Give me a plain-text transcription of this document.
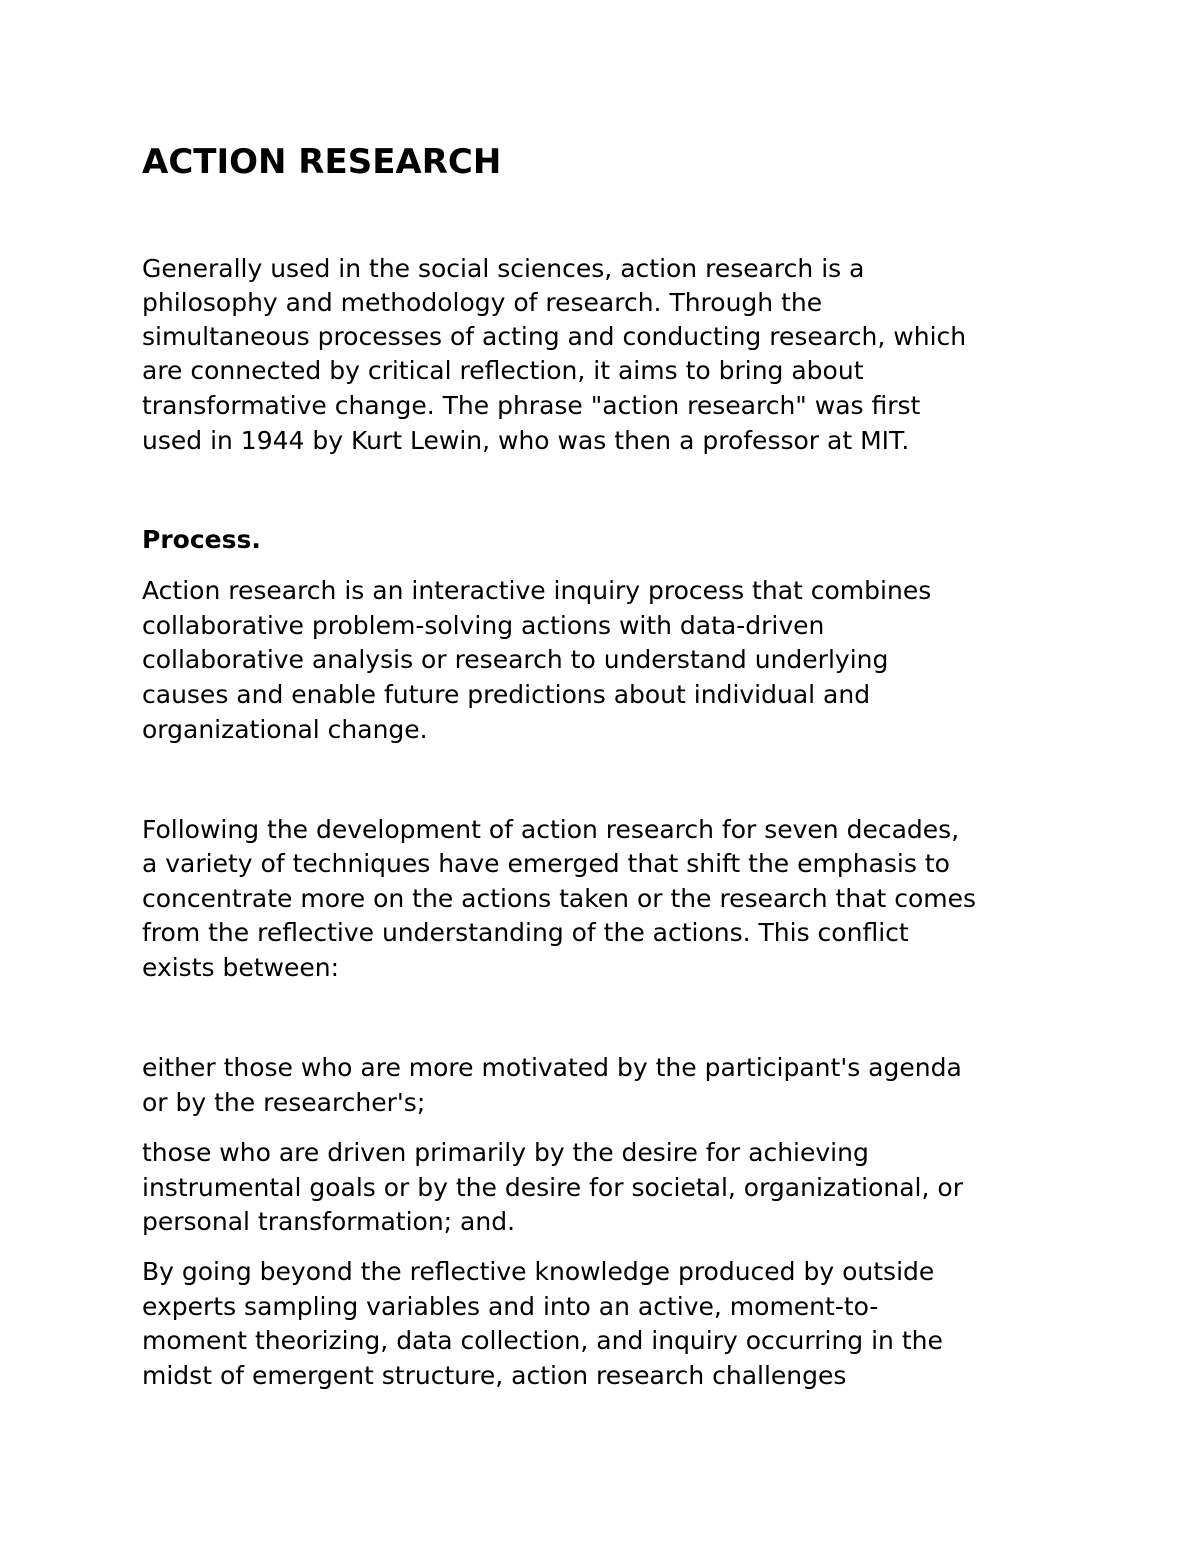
ACTION RESEARCH
Generally used in the social sciences, action research is a
philosophy and methodology of research. Through the
simultaneous processes of acting and conducting research, which
are connected by critical reflection, it aims to bring about
transformative change. The phrase "action research" was first
used in 1944 by Kurt Lewin, who was then a professor at MIT.
Process.
Action research is an interactive inquiry process that combines
collaborative problem-solving actions with data-driven
collaborative analysis or research to understand underlying
causes and enable future predictions about individual and
organizational change.
Following the development of action research for seven decades,
a variety of techniques have emerged that shift the emphasis to
concentrate more on the actions taken or the research that comes
from the reflective understanding of the actions. This conflict
exists between:
either those who are more motivated by the participant's agenda
or by the researcher's;
those who are driven primarily by the desire for achieving
instrumental goals or by the desire for societal, organizational, or
personal transformation; and.
By going beyond the reflective knowledge produced by outside
experts sampling variables and into an active, moment-to-
moment theorizing, data collection, and inquiry occurring in the
midst of emergent structure, action research challenges
